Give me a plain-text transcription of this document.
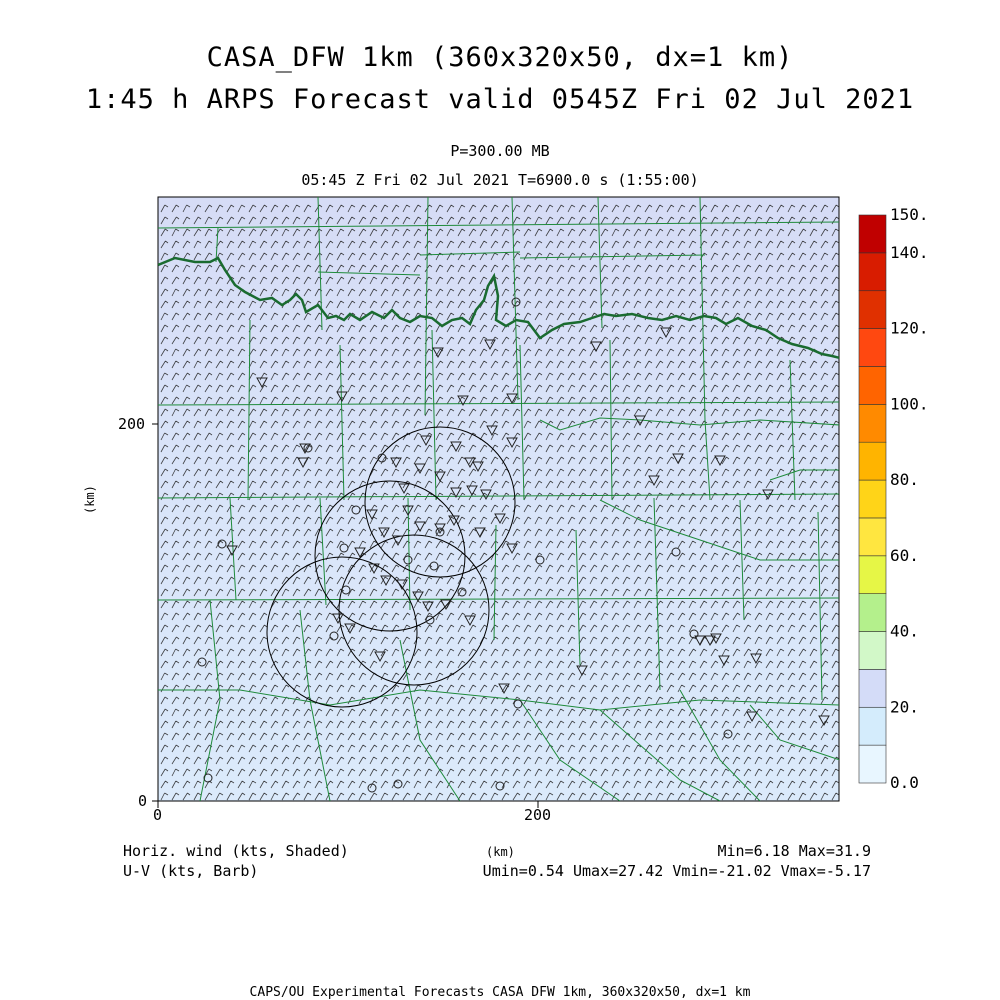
CASA_DFW 1km (360x320x50, dx=1 km)
1:45 h ARPS Forecast valid 0545Z Fri 02 Jul 2021
P=300.00 MB
05:45 Z Fri 02 Jul 2021 T=6900.0 s (1:55:00)
0	200
0
200
(km)
0.0
20.
40.
60.
80.
100.
120.
140.
150.
Horiz. wind (kts, Shaded)
U-V (kts, Barb)
(km)	Min=6.18 Max=31.9
Umin=0.54 Umax=27.42 Vmin=-21.02 Vmax=-5.17
CAPS/OU Experimental Forecasts CASA DFW 1km, 360x320x50, dx=1 km
